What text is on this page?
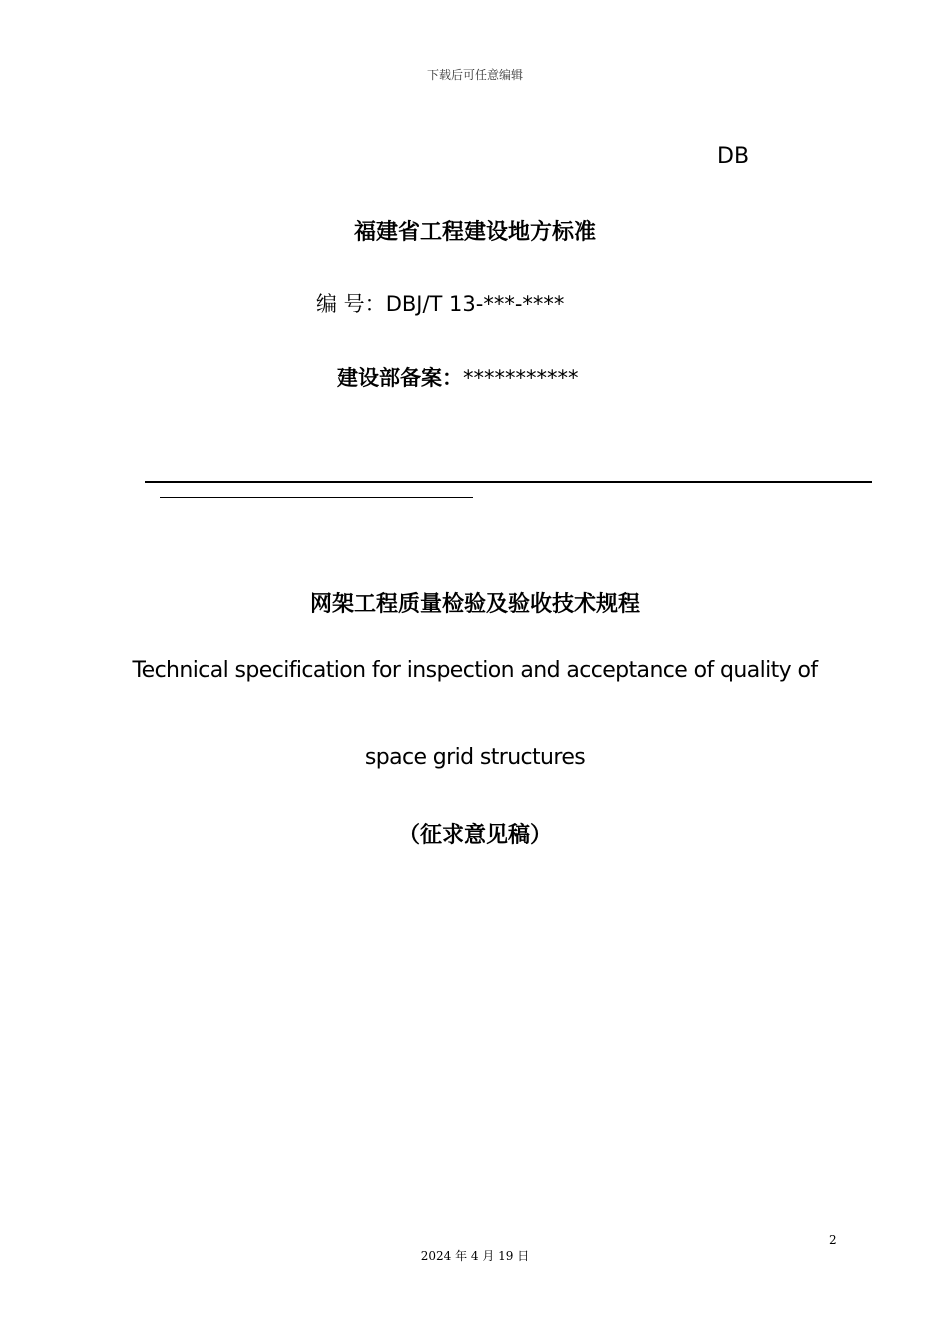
下载后可任意编辑
DB
福建省工程建设地方标准
编 号：DBJ/T 13-***-****
建设部备案：***********
网架工程质量检验及验收技术规程
Technical specification for inspection and acceptance of quality of
space grid structures
（征求意见稿）
2
2024 年 4 月 19 日
